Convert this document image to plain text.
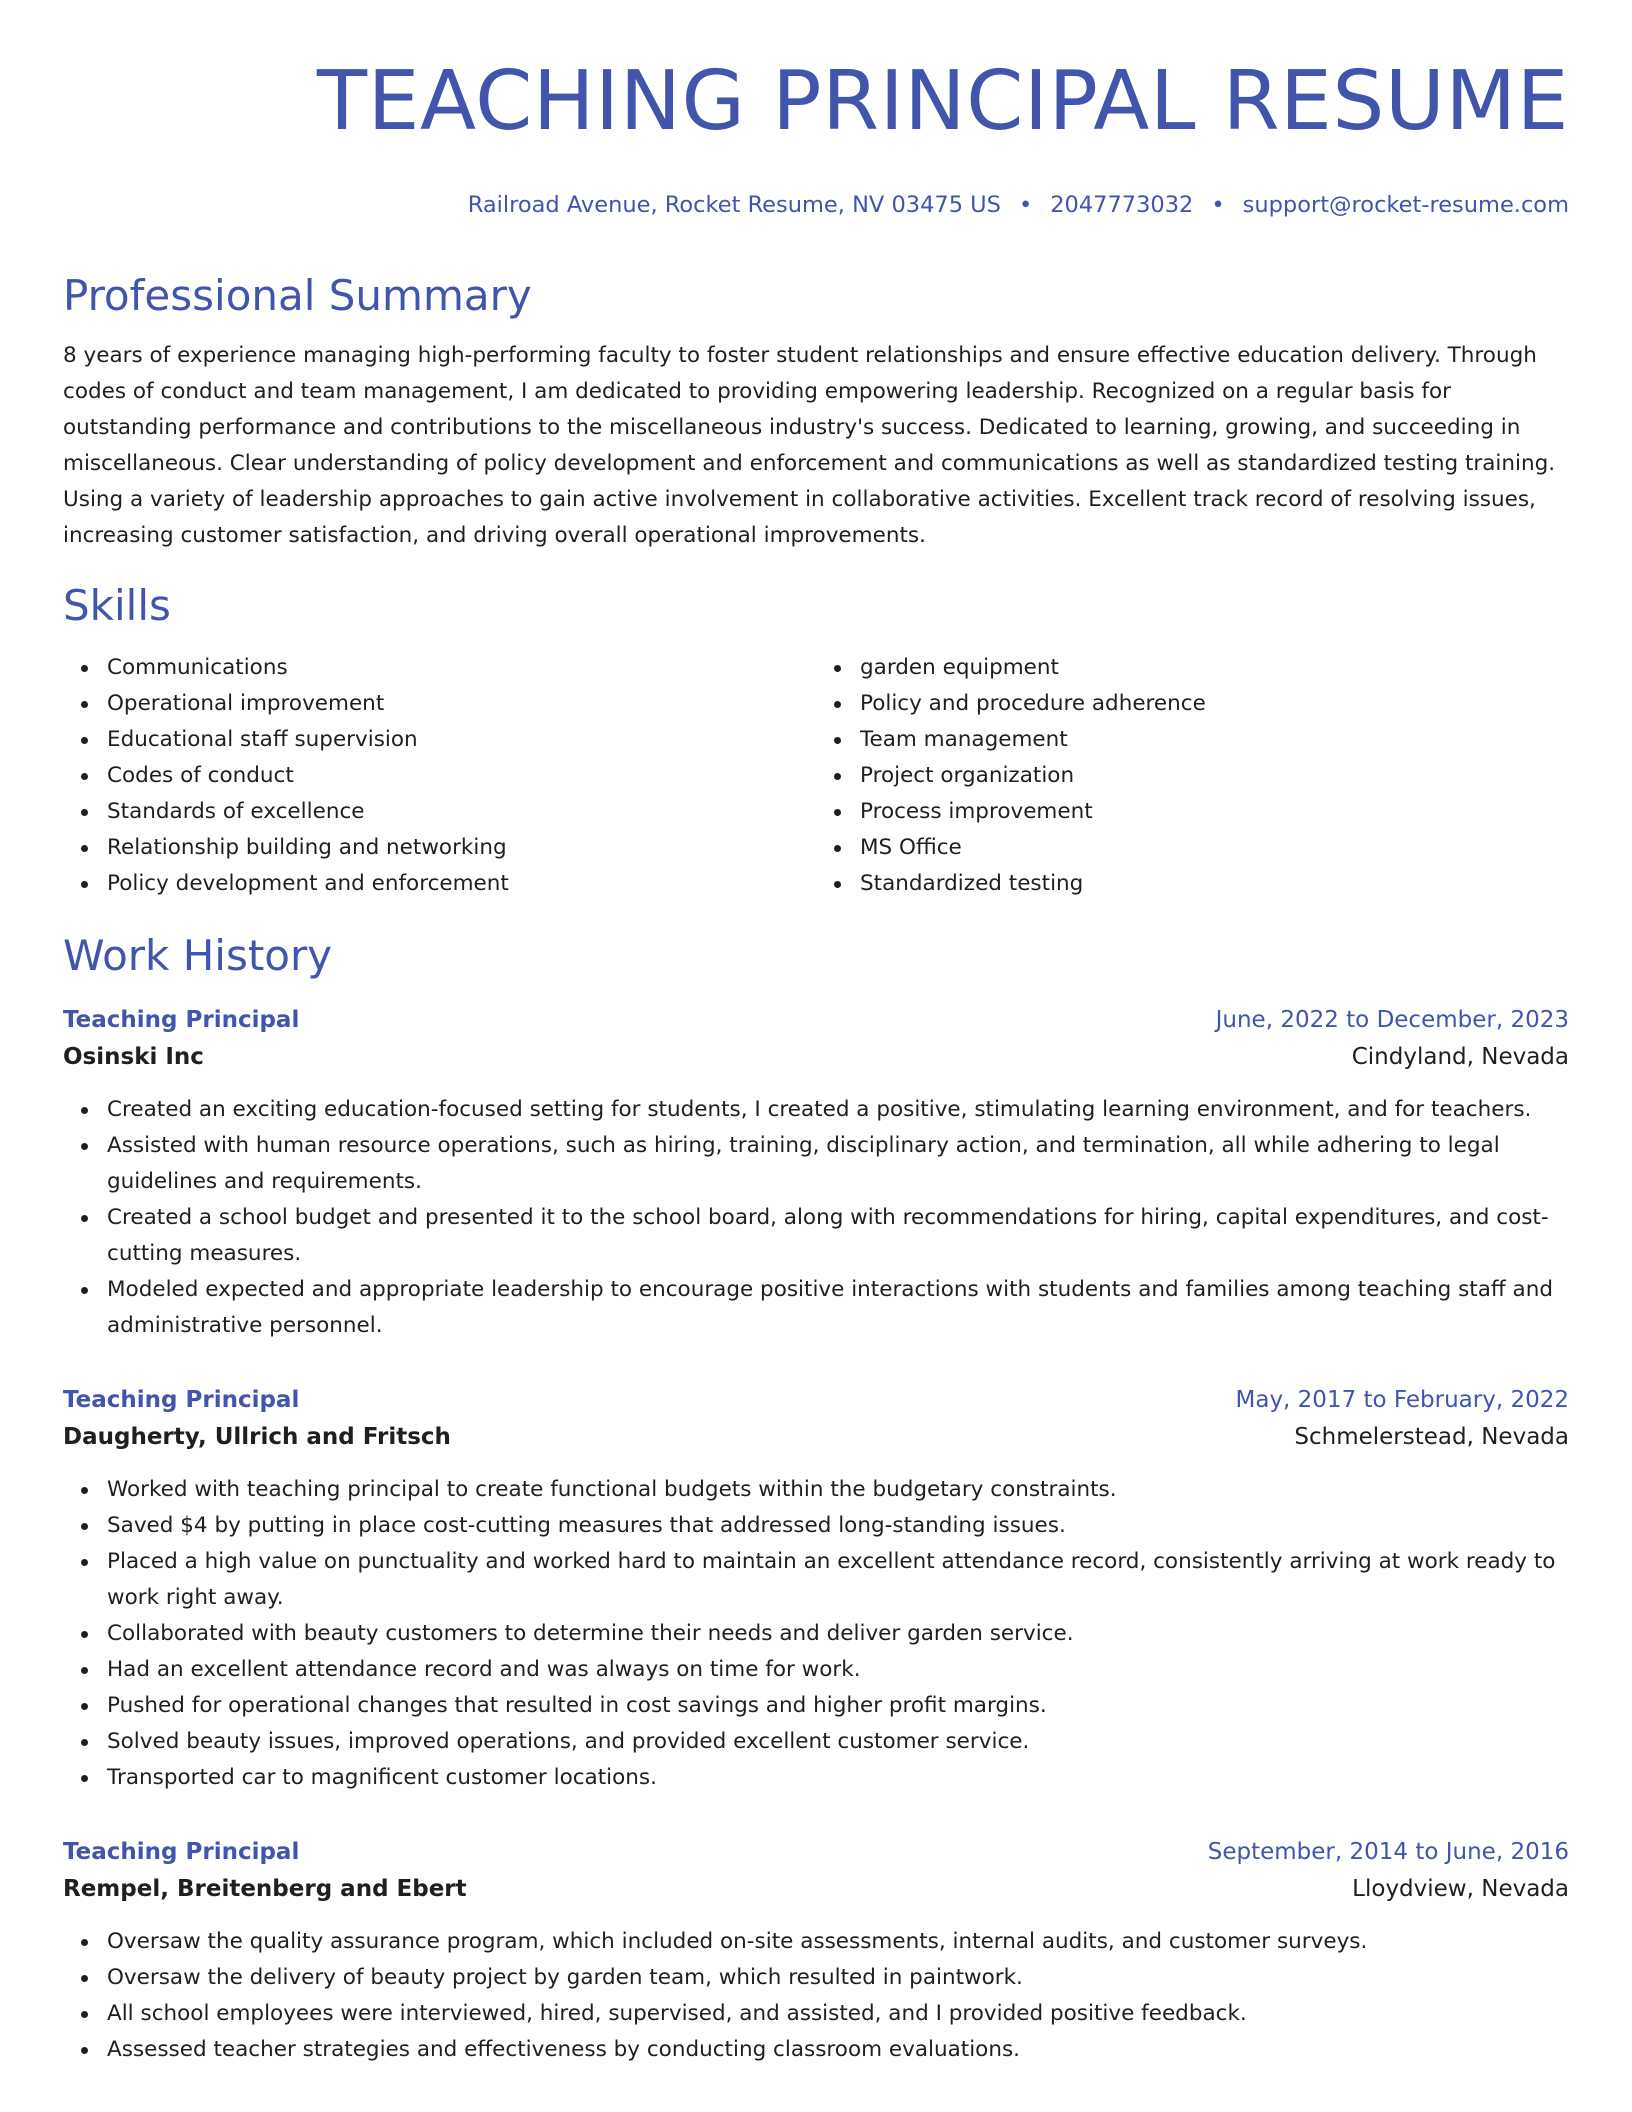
TEACHING PRINCIPAL RESUME
Railroad Avenue, Rocket Resume, NV 03475 US • 2047773032 • support@rocket-resume.com
Professional Summary

8 years of experience managing high-performing faculty to foster student relationships and ensure effective education delivery. Through codes of conduct and team management, I am dedicated to providing empowering leadership. Recognized on a regular basis for outstanding performance and contributions to the miscellaneous industry's success. Dedicated to learning, growing, and succeeding in miscellaneous. Clear understanding of policy development and enforcement and communications as well as standardized testing training. Using a variety of leadership approaches to gain active involvement in collaborative activities. Excellent track record of resolving issues, increasing customer satisfaction, and driving overall operational improvements.

Skills
Communications
Operational improvement
Educational staff supervision
Codes of conduct
Standards of excellence
Relationship building and networking
Policy development and enforcement
garden equipment
Policy and procedure adherence
Team management
Project organization
Process improvement
MS Office
Standardized testing
Work History
Teaching Principal	June, 2022 to December, 2023
Osinski Inc	Cindyland, Nevada
Created an exciting education-focused setting for students, I created a positive, stimulating learning environment, and for teachers.
Assisted with human resource operations, such as hiring, training, disciplinary action, and termination, all while adhering to legal guidelines and requirements.
Created a school budget and presented it to the school board, along with recommendations for hiring, capital expenditures, and cost-cutting measures.
Modeled expected and appropriate leadership to encourage positive interactions with students and families among teaching staff and administrative personnel.
Teaching Principal	May, 2017 to February, 2022
Daugherty, Ullrich and Fritsch	Schmelerstead, Nevada
Worked with teaching principal to create functional budgets within the budgetary constraints.
Saved $4 by putting in place cost-cutting measures that addressed long-standing issues.
Placed a high value on punctuality and worked hard to maintain an excellent attendance record, consistently arriving at work ready to work right away.
Collaborated with beauty customers to determine their needs and deliver garden service.
Had an excellent attendance record and was always on time for work.
Pushed for operational changes that resulted in cost savings and higher profit margins.
Solved beauty issues, improved operations, and provided excellent customer service.
Transported car to magnificent customer locations.
Teaching Principal	September, 2014 to June, 2016
Rempel, Breitenberg and Ebert	Lloydview, Nevada
Oversaw the quality assurance program, which included on-site assessments, internal audits, and customer surveys.
Oversaw the delivery of beauty project by garden team, which resulted in paintwork.
All school employees were interviewed, hired, supervised, and assisted, and I provided positive feedback.
Assessed teacher strategies and effectiveness by conducting classroom evaluations.
